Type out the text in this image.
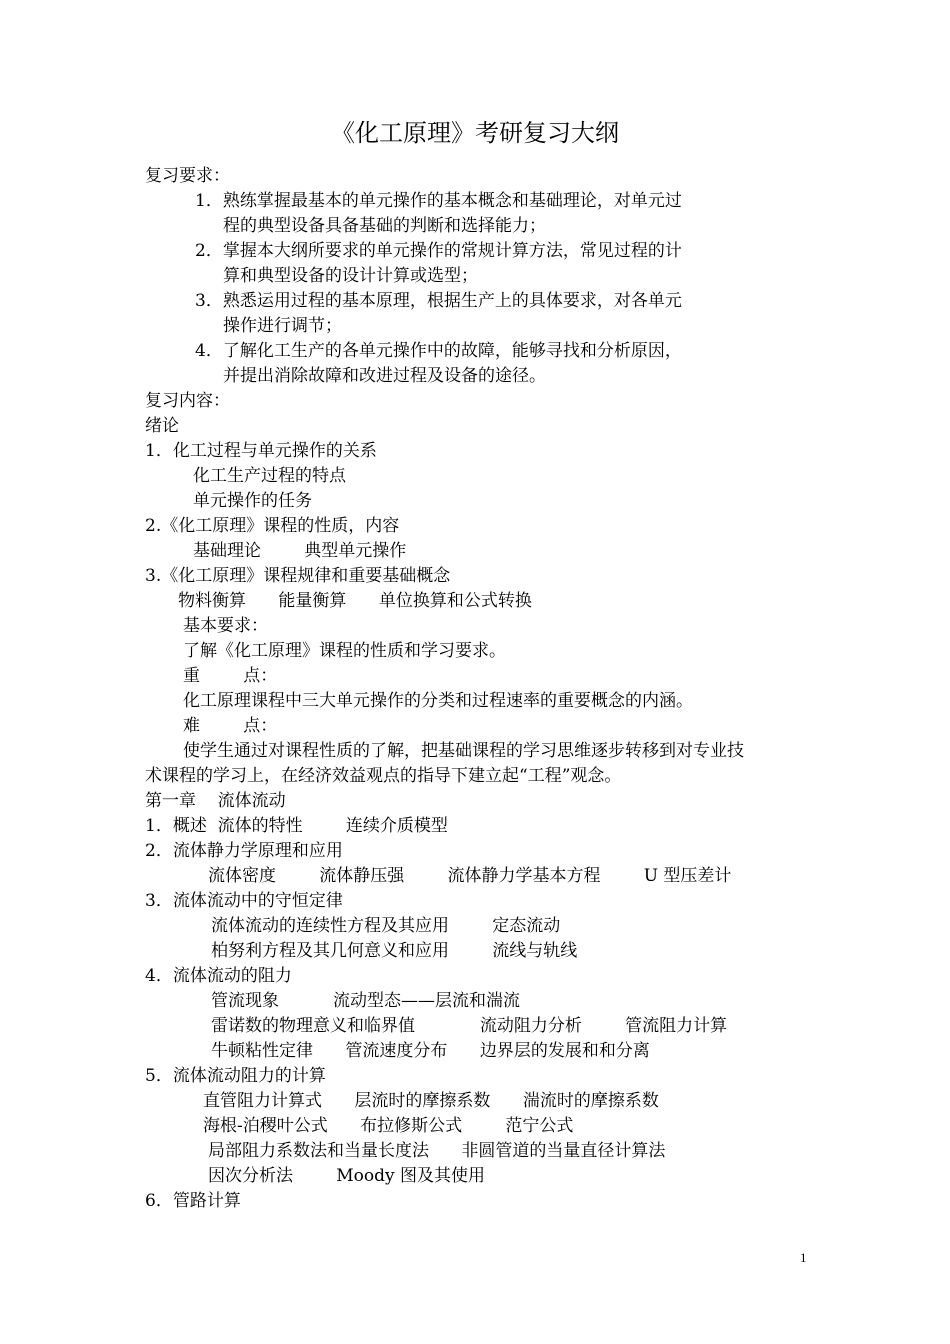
《化工原理》考研复习大纲
复习要求：
1．熟练掌握最基本的单元操作的基本概念和基础理论，对单元过
程的典型设备具备基础的判断和选择能力；
2．掌握本大纲所要求的单元操作的常规计算方法，常见过程的计
算和典型设备的设计计算或选型；
3．熟悉运用过程的基本原理，根据生产上的具体要求，对各单元
操作进行调节；
4．了解化工生产的各单元操作中的故障，能够寻找和分析原因，
并提出消除故障和改进过程及设备的途径。
复习内容：
绪论
1．化工过程与单元操作的关系
化工生产过程的特点
单元操作的任务
2.《化工原理》课程的性质，内容
基础理论        典型单元操作
3.《化工原理》课程规律和重要基础概念
物料衡算      能量衡算      单位换算和公式转换
基本要求：
了解《化工原理》课程的性质和学习要求。
重        点：
化工原理课程中三大单元操作的分类和过程速率的重要概念的内涵。
难        点：
使学生通过对课程性质的了解，把基础课程的学习思维逐步转移到对专业技
术课程的学习上，在经济效益观点的指导下建立起“工程”观念。
第一章    流体流动
1．概述  流体的特性        连续介质模型
2．流体静力学原理和应用
流体密度        流体静压强        流体静力学基本方程        U 型压差计
3．流体流动中的守恒定律
流体流动的连续性方程及其应用        定态流动
柏努利方程及其几何意义和应用        流线与轨线
4．流体流动的阻力
管流现象          流动型态——层流和湍流
雷诺数的物理意义和临界值            流动阻力分析        管流阻力计算
牛顿粘性定律      管流速度分布      边界层的发展和和分离
5．流体流动阻力的计算
直管阻力计算式      层流时的摩擦系数      湍流时的摩擦系数
海根-泊稷叶公式      布拉修斯公式        范宁公式
局部阻力系数法和当量长度法      非圆管道的当量直径计算法
因次分析法        Moody 图及其使用
6．管路计算
1
